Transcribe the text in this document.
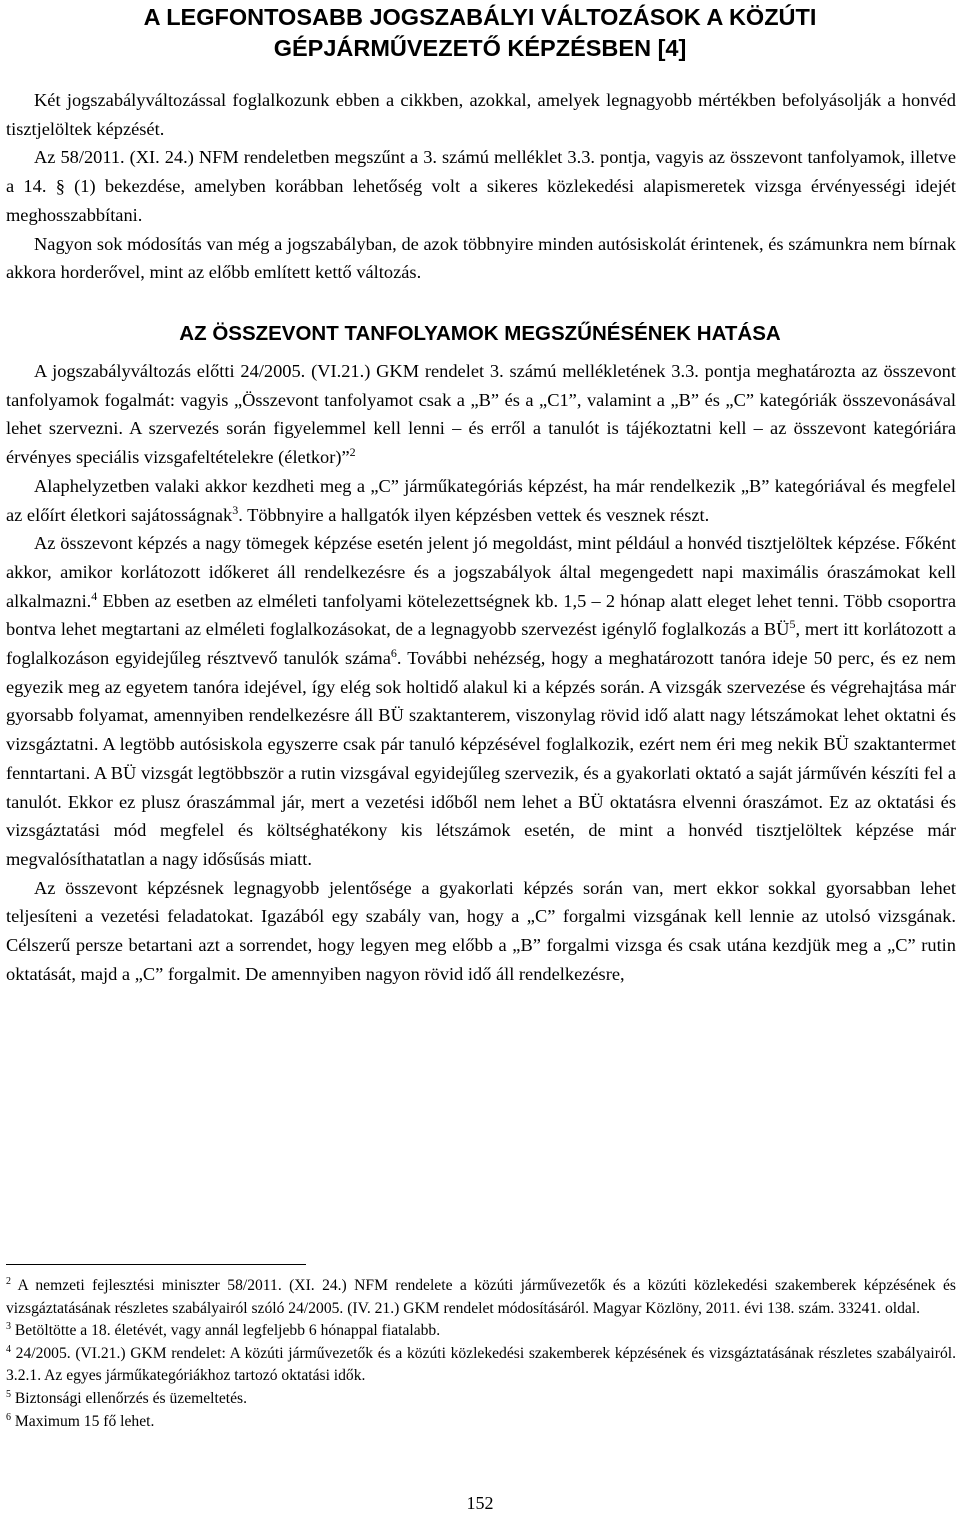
A LEGFONTOSABB JOGSZABÁLYI VÁLTOZÁSOK A KÖZÚTI
GÉPJÁRMŰVEZETŐ KÉPZÉSBEN [4]

Két jogszabályváltozással foglalkozunk ebben a cikkben, azokkal, amelyek legnagyobb mértékben befolyásolják a honvéd tisztjelöltek képzését.

Az 58/2011. (XI. 24.) NFM rendeletben megszűnt a 3. számú melléklet 3.3. pontja, vagyis az összevont tanfolyamok, illetve a 14. § (1) bekezdése, amelyben korábban lehetőség volt a sikeres közlekedési alapismeretek vizsga érvényességi idejét meghosszabbítani.

Nagyon sok módosítás van még a jogszabályban, de azok többnyire minden autósiskolát érintenek, és számunkra nem bírnak akkora horderővel, mint az előbb említett kettő változás.

AZ ÖSSZEVONT TANFOLYAMOK MEGSZŰNÉSÉNEK HATÁSA

A jogszabályváltozás előtti 24/2005. (VI.21.) GKM rendelet 3. számú mellékletének 3.3. pontja meghatározta az összevont tanfolyamok fogalmát: vagyis „Összevont tanfolyamot csak a „B” és a „C1”, valamint a „B” és „C” kategóriák összevonásával lehet szervezni. A szervezés során figyelemmel kell lenni – és erről a tanulót is tájékoztatni kell – az összevont kategóriára érvényes speciális vizsgafeltételekre (életkor)”$^2$

Alaphelyzetben valaki akkor kezdheti meg a „C” járműkategóriás képzést, ha már rendelkezik „B” kategóriával és megfelel az előírt életkori sajátosságnak$^3$. Többnyire a hallgatók ilyen képzésben vettek és vesznek részt.

Az összevont képzés a nagy tömegek képzése esetén jelent jó megoldást, mint például a honvéd tisztjelöltek képzése. Főként akkor, amikor korlátozott időkeret áll rendelkezésre és a jogszabályok által megengedett napi maximális óraszámokat kell alkalmazni.$^4$ Ebben az esetben az elméleti tanfolyami kötelezettségnek kb. 1,5 – 2 hónap alatt eleget lehet tenni. Több csoportra bontva lehet megtartani az elméleti foglalkozásokat, de a legnagyobb szervezést igénylő foglalkozás a $BÜ^5$, mert itt korlátozott a foglalkozáson egyidejűleg résztvevő tanulók száma$^6$. További nehézség, hogy a meghatározott tanóra ideje 50 perc, és ez nem egyezik meg az egyetem tanóra idejével, így elég sok holtidő alakul ki a képzés során. A vizsgák szervezése és végrehajtása már gyorsabb folyamat, amennyiben rendelkezésre áll BÜ szaktanterem, viszonylag rövid idő alatt nagy létszámokat lehet oktatni és vizsgáztatni. A legtöbb autósiskola egyszerre csak pár tanuló képzésével foglalkozik, ezért nem éri meg nekik BÜ szaktantermet fenntartani. A BÜ vizsgát legtöbbször a rutin vizsgával egyidejűleg szervezik, és a gyakorlati oktató a saját járművén készíti fel a tanulót. Ekkor ez plusz óraszámmal jár, mert a vezetési időből nem lehet a BÜ oktatásra elvenni óraszámot. Ez az oktatási és vizsgáztatási mód megfelel és költséghatékony kis létszámok esetén, de mint a honvéd tisztjelöltek képzése már megvalósíthatatlan a nagy idősűsás miatt.

Az összevont képzésnek legnagyobb jelentősége a gyakorlati képzés során van, mert ekkor sokkal gyorsabban lehet teljesíteni a vezetési feladatokat. Igazából egy szabály van, hogy a „C” forgalmi vizsgának kell lennie az utolsó vizsgának. Célszerű persze betartani azt a sorrendet, hogy legyen meg előbb a „B” forgalmi vizsga és csak utána kezdjük meg a „C” rutin oktatását, majd a „C” forgalmit. De amennyiben nagyon rövid idő áll rendelkezésre,

$^2$ A nemzeti fejlesztési miniszter 58/2011. (XI. 24.) NFM rendelete a közúti járművezetők és a közúti közlekedési szakemberek képzésének és vizsgáztatásának részletes szabályairól szóló 24/2005. (IV. 21.) GKM rendelet módosításáról. Magyar Közlöny, 2011. évi 138. szám. 33241. oldal.

$^3$ Betöltötte a 18. életévét, vagy annál legfeljebb 6 hónappal fiatalabb.

$^4$ 24/2005. (VI.21.) GKM rendelet: A közúti járművezetők és a közúti közlekedési szakemberek képzésének és vizsgáztatásának részletes szabályairól. 3.2.1. Az egyes járműkategóriákhoz tartozó oktatási idők.

$^5$ Biztonsági ellenőrzés és üzemeltetés.

$^6$ Maximum 15 fő lehet.

152
